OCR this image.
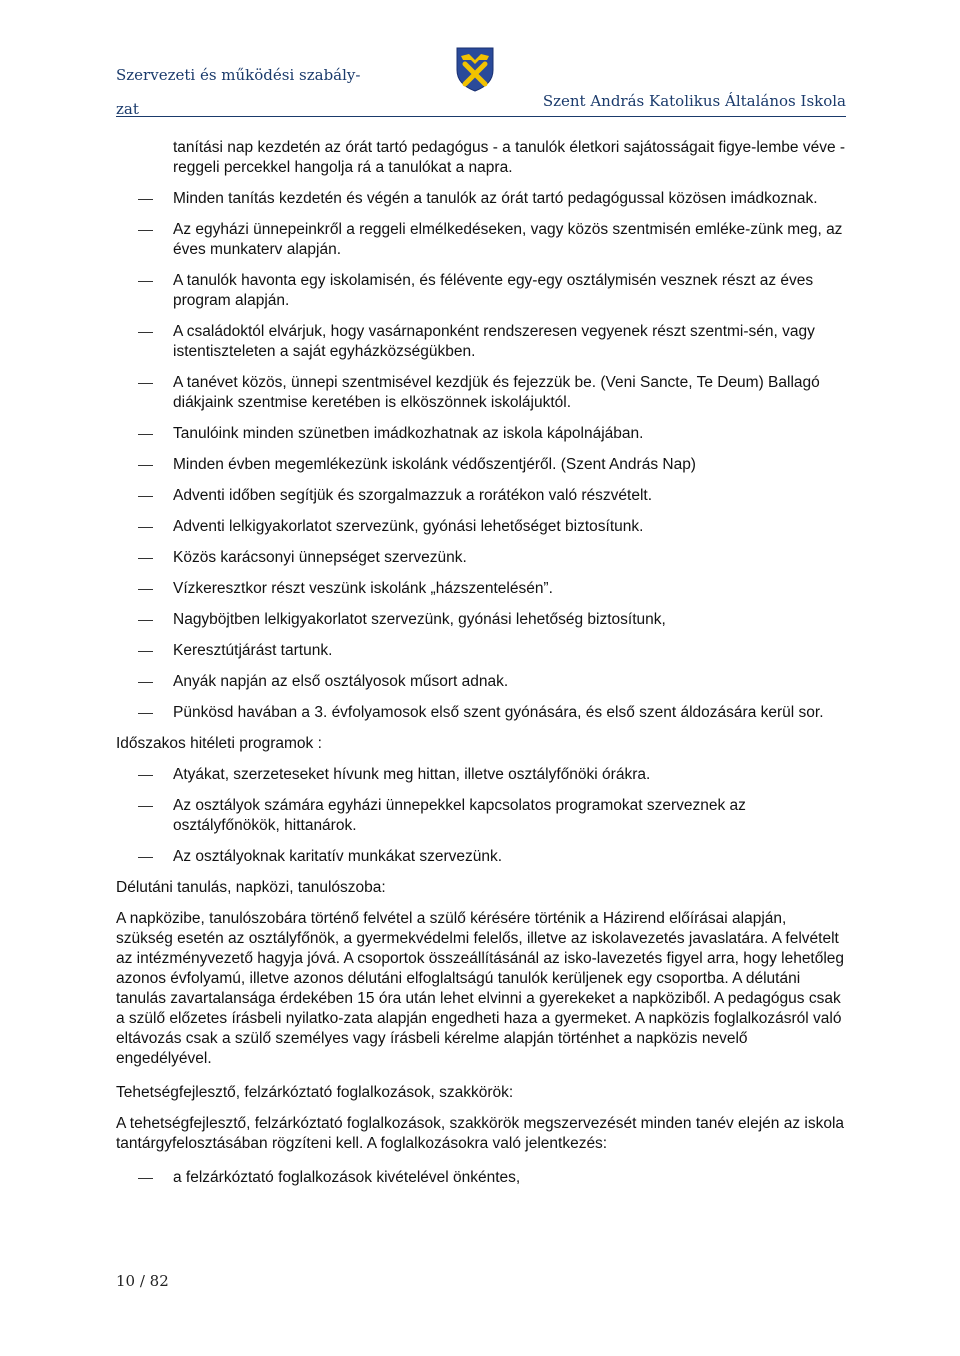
Szervezeti és működési szabály-
zat	Szent András Katolikus Általános Iskola

tanítási nap kezdetén az órát tartó pedagógus - a tanulók életkori sajátosságait figye-lembe véve - reggeli percekkel hangolja rá a tanulókat a napra.

Minden tanítás kezdetén és végén a tanulók az órát tartó pedagógussal közösen imádkoznak.
Az egyházi ünnepeinkről a reggeli elmélkedéseken, vagy közös szentmisén emléke-zünk meg, az éves munkaterv alapján.
A tanulók havonta egy iskolamisén, és félévente egy-egy osztálymisén vesznek részt az éves program alapján.
A családoktól elvárjuk, hogy vasárnaponként rendszeresen vegyenek részt szentmi-sén, vagy istentiszteleten a saját egyházközségükben.
A tanévet közös, ünnepi szentmisével kezdjük és fejezzük be. (Veni Sancte, Te Deum) Ballagó diákjaink szentmise keretében is elköszönnek iskolájuktól.
Tanulóink minden szünetben imádkozhatnak az iskola kápolnájában.
Minden évben megemlékezünk iskolánk védőszentjéről. (Szent András Nap)
Adventi időben segítjük és szorgalmazzuk a rorátékon való részvételt.
Adventi lelkigyakorlatot szervezünk, gyónási lehetőséget biztosítunk.
Közös karácsonyi ünnepséget szervezünk.
Vízkeresztkor részt veszünk iskolánk „házszentelésén”.
Nagyböjtben lelkigyakorlatot szervezünk, gyónási lehetőség biztosítunk,
Keresztútjárást tartunk.
Anyák napján az első osztályosok műsort adnak.
Pünkösd havában a 3. évfolyamosok első szent gyónására, és első szent áldozására kerül sor.

Időszakos hitéleti programok :

Atyákat, szerzeteseket hívunk meg hittan, illetve osztályfőnöki órákra.
Az osztályok számára egyházi ünnepekkel kapcsolatos programokat szerveznek az osztályfőnökök, hittanárok.
Az osztályoknak karitatív munkákat szervezünk.

Délutáni tanulás, napközi, tanulószoba:

A napközibe, tanulószobára történő felvétel a szülő kérésére történik a Házirend előírásai alapján, szükség esetén az osztályfőnök, a gyermekvédelmi felelős, illetve az iskolavezetés javaslatára. A felvételt az intézményvezető hagyja jóvá. A csoportok összeállításánál az isko-lavezetés figyel arra, hogy lehetőleg azonos évfolyamú, illetve azonos délutáni elfoglaltságú tanulók kerüljenek egy csoportba. A délutáni tanulás zavartalansága érdekében 15 óra után lehet elvinni a gyerekeket a napköziből. A pedagógus csak a szülő előzetes írásbeli nyilatko-zata alapján engedheti haza a gyermeket. A napközis foglalkozásról való eltávozás csak a szülő személyes vagy írásbeli kérelme alapján történhet a napközis nevelő engedélyével.

Tehetségfejlesztő, felzárkóztató foglalkozások, szakkörök:

A tehetségfejlesztő, felzárkóztató foglalkozások, szakkörök megszervezését minden tanév elején az iskola tantárgyfelosztásában rögzíteni kell. A foglalkozásokra való jelentkezés:

a felzárkóztató foglalkozások kivételével önkéntes,
10 / 82
